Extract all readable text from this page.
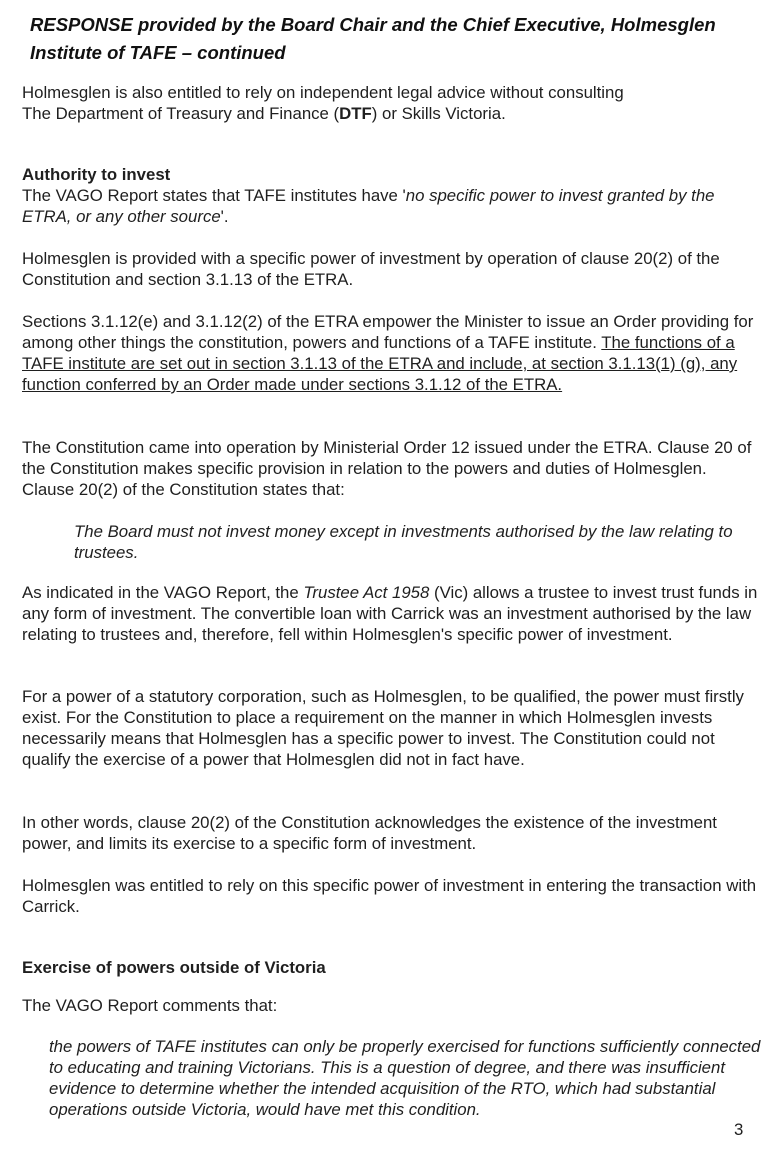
RESPONSE provided by the Board Chair and the Chief Executive, Holmesglen
Institute of TAFE – continued
Holmesglen is also entitled to rely on independent legal advice without consulting
The Department of Treasury and Finance (DTF) or Skills Victoria.
Authority to invest
The VAGO Report states that TAFE institutes have 'no specific power to invest granted by the ETRA, or any other source'.
Holmesglen is provided with a specific power of investment by operation of clause 20(2) of the Constitution and section 3.1.13 of the ETRA.
Sections 3.1.12(e) and 3.1.12(2) of the ETRA empower the Minister to issue an Order providing for among other things the constitution, powers and functions of a TAFE institute. The functions of a TAFE institute are set out in section 3.1.13 of the ETRA and include, at section 3.1.13(1) (g), any function conferred by an Order made under sections 3.1.12 of the ETRA.
The Constitution came into operation by Ministerial Order 12 issued under the ETRA. Clause 20 of the Constitution makes specific provision in relation to the powers and duties of Holmesglen. Clause 20(2) of the Constitution states that:
The Board must not invest money except in investments authorised by the law relating to trustees.
As indicated in the VAGO Report, the Trustee Act 1958 (Vic) allows a trustee to invest trust funds in any form of investment. The convertible loan with Carrick was an investment authorised by the law relating to trustees and, therefore, fell within Holmesglen's specific power of investment.
For a power of a statutory corporation, such as Holmesglen, to be qualified, the power must firstly exist. For the Constitution to place a requirement on the manner in which Holmesglen invests necessarily means that Holmesglen has a specific power to invest. The Constitution could not qualify the exercise of a power that Holmesglen did not in fact have.
In other words, clause 20(2) of the Constitution acknowledges the existence of the investment power, and limits its exercise to a specific form of investment.
Holmesglen was entitled to rely on this specific power of investment in entering the transaction with Carrick.
Exercise of powers outside of Victoria
The VAGO Report comments that:
the powers of TAFE institutes can only be properly exercised for functions sufficiently connected to educating and training Victorians. This is a question of degree, and there was insufficient evidence to determine whether the intended acquisition of the RTO, which had substantial operations outside Victoria, would have met this condition.
3
